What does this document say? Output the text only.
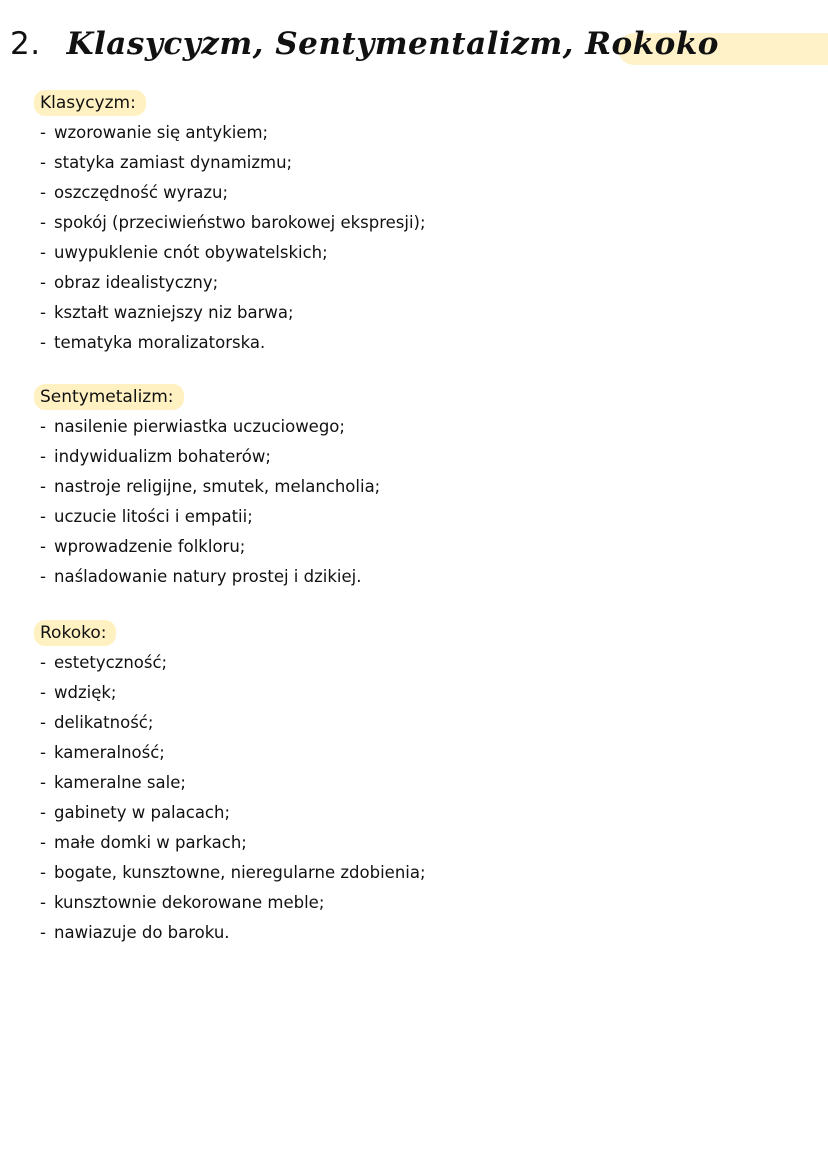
2. Klasycyzm, Sentymentalizm, Rokoko
Klasycyzm:
- wzorowanie się antykiem;
- statyka zamiast dynamizmu;
- oszczędność wyrazu;
- spokój (przeciwieństwo barokowej ekspresji);
- uwypuklenie cnót obywatelskich;
- obraz idealistyczny;
- kształt wazniejszy niz barwa;
- tematyka moralizatorska.
Sentymetalizm:
- nasilenie pierwiastka uczuciowego;
- indywidualizm bohaterów;
- nastroje religijne, smutek, melancholia;
- uczucie litości i empatii;
- wprowadzenie folkloru;
- naśladowanie natury prostej i dzikiej.
Rokoko:
- estetyczność;
- wdzięk;
- delikatność;
- kameralność;
- kameralne sale;
- gabinety w palacach;
- małe domki w parkach;
- bogate, kunsztowne, nieregularne zdobienia;
- kunsztownie dekorowane meble;
- nawiazuje do baroku.
